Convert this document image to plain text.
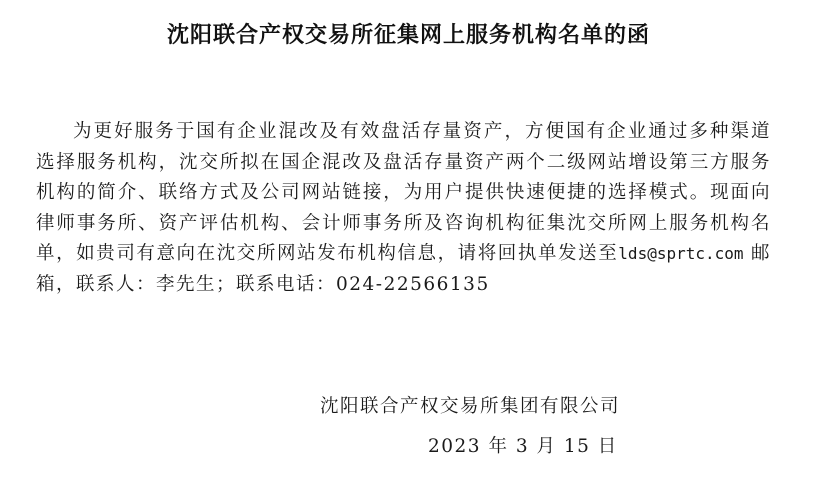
沈阳联合产权交易所征集网上服务机构名单的函
为更好服务于国有企业混改及有效盘活存量资产，方便国有企业通过多种渠道选择服务机构，沈交所拟在国企混改及盘活存量资产两个二级网站增设第三方服务机构的简介、联络方式及公司网站链接，为用户提供快速便捷的选择模式。现面向律师事务所、资产评估机构、会计师事务所及咨询机构征集沈交所网上服务机构名单，如贵司有意向在沈交所网站发布机构信息，请将回执单发送至lds@sprtc.com 邮箱，联系人：李先生；联系电话：024-22566135
沈阳联合产权交易所集团有限公司
2023 年 3 月 15 日
